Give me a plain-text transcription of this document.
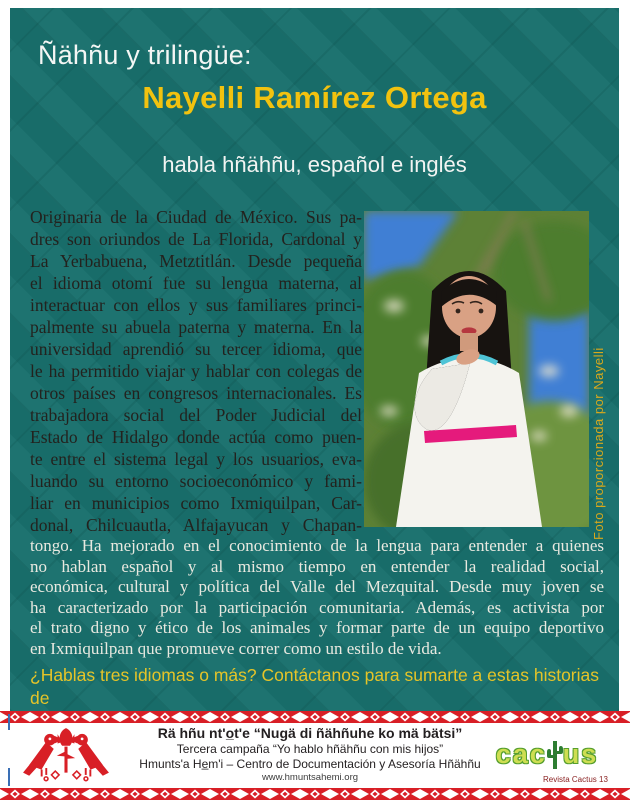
Ñähñu y trilingüe:
Nayelli Ramírez Ortega
habla hñähñu, español e inglés
Originaria de la Ciudad de México. Sus pa-
dres son oriundos de La Florida, Cardonal y
La Yerbabuena, Metztitlán. Desde pequeña
el idioma otomí fue su lengua materna, al
interactuar con ellos y sus familiares princi-
palmente su abuela paterna y materna. En la
universidad aprendió su tercer idioma, que
le ha permitido viajar y hablar con colegas de
otros países en congresos internacionales. Es
trabajadora social del Poder Judicial del
Estado de Hidalgo donde actúa como puen-
te entre el sistema legal y los usuarios, eva-
luando su entorno socioeconómico y fami-
liar en municipios como Ixmiquilpan, Car-
donal, Chilcuautla, Alfajayucan y Chapan-	Foto proporcionada por Nayelli
tongo. Ha mejorado en el conocimiento de la lengua para entender a quienes
no hablan español y al mismo tiempo en entender la realidad social,
económica, cultural y política del Valle del Mezquital. Desde muy joven se
ha caracterizado por la participación comunitaria. Además, es activista por
el trato digno y ético de los animales y formar parte de un equipo deportivo
en Ixmiquilpan que promueve correr como un estilo de vida.
¿Hablas tres idiomas o más? Contáctanos para sumarte a estas historias de
Rä hñu nt'o̲t'e “Nugä di ñähñuhe ko mä bätsi”
Tercera campaña “Yo hablo hñähñu con mis hijos”
Hmunts'a He̲m'i – Centro de Documentación y Asesoría Hñähñu
www.hmuntsahemi.org
cac us
Revista Cactus 13
